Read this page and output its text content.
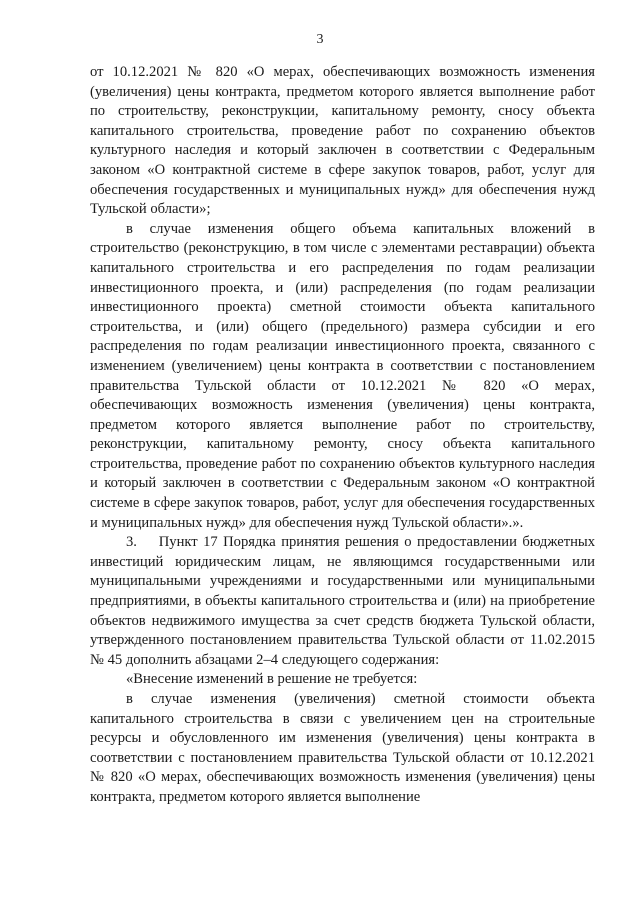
3

от 10.12.2021 № 820 «О мерах, обеспечивающих возможность изменения (увеличения) цены контракта, предметом которого является выполнение работ по строительству, реконструкции, капитальному ремонту, сносу объекта капитального строительства, проведение работ по сохранению объектов культурного наследия и который заключен в соответствии с Федеральным законом «О контрактной системе в сфере закупок товаров, работ, услуг для обеспечения государственных и муниципальных нужд» для обеспечения нужд Тульской области»;

в случае изменения общего объема капитальных вложений в строительство (реконструкцию, в том числе с элементами реставрации) объекта капитального строительства и его распределения по годам реализации инвестиционного проекта, и (или) распределения (по годам реализации инвестиционного проекта) сметной стоимости объекта капитального строительства, и (или) общего (предельного) размера субсидии и его распределения по годам реализации инвестиционного проекта, связанного с изменением (увеличением) цены контракта в соответствии с постановлением правительства Тульской области от 10.12.2021 № 820 «О мерах, обеспечивающих возможность изменения (увеличения) цены контракта, предметом которого является выполнение работ по строительству, реконструкции, капитальному ремонту, сносу объекта капитального строительства, проведение работ по сохранению объектов культурного наследия и который заключен в соответствии с Федеральным законом «О контрактной системе в сфере закупок товаров, работ, услуг для обеспечения государственных и муниципальных нужд» для обеспечения нужд Тульской области».».

3.    Пункт 17 Порядка принятия решения о предоставлении бюджетных инвестиций юридическим лицам, не являющимся государственными или муниципальными учреждениями и государственными или муниципальными предприятиями, в объекты капитального строительства и (или) на приобретение объектов недвижимого имущества за счет средств бюджета Тульской области, утвержденного постановлением правительства Тульской области от 11.02.2015 № 45 дополнить абзацами 2–4 следующего содержания:

«Внесение изменений в решение не требуется:

в случае изменения (увеличения) сметной стоимости объекта капитального строительства в связи с увеличением цен на строительные ресурсы и обусловленного им изменения (увеличения) цены контракта в соответствии с постановлением правительства Тульской области от 10.12.2021 № 820 «О мерах, обеспечивающих возможность изменения (увеличения) цены контракта, предметом которого является выполнение
